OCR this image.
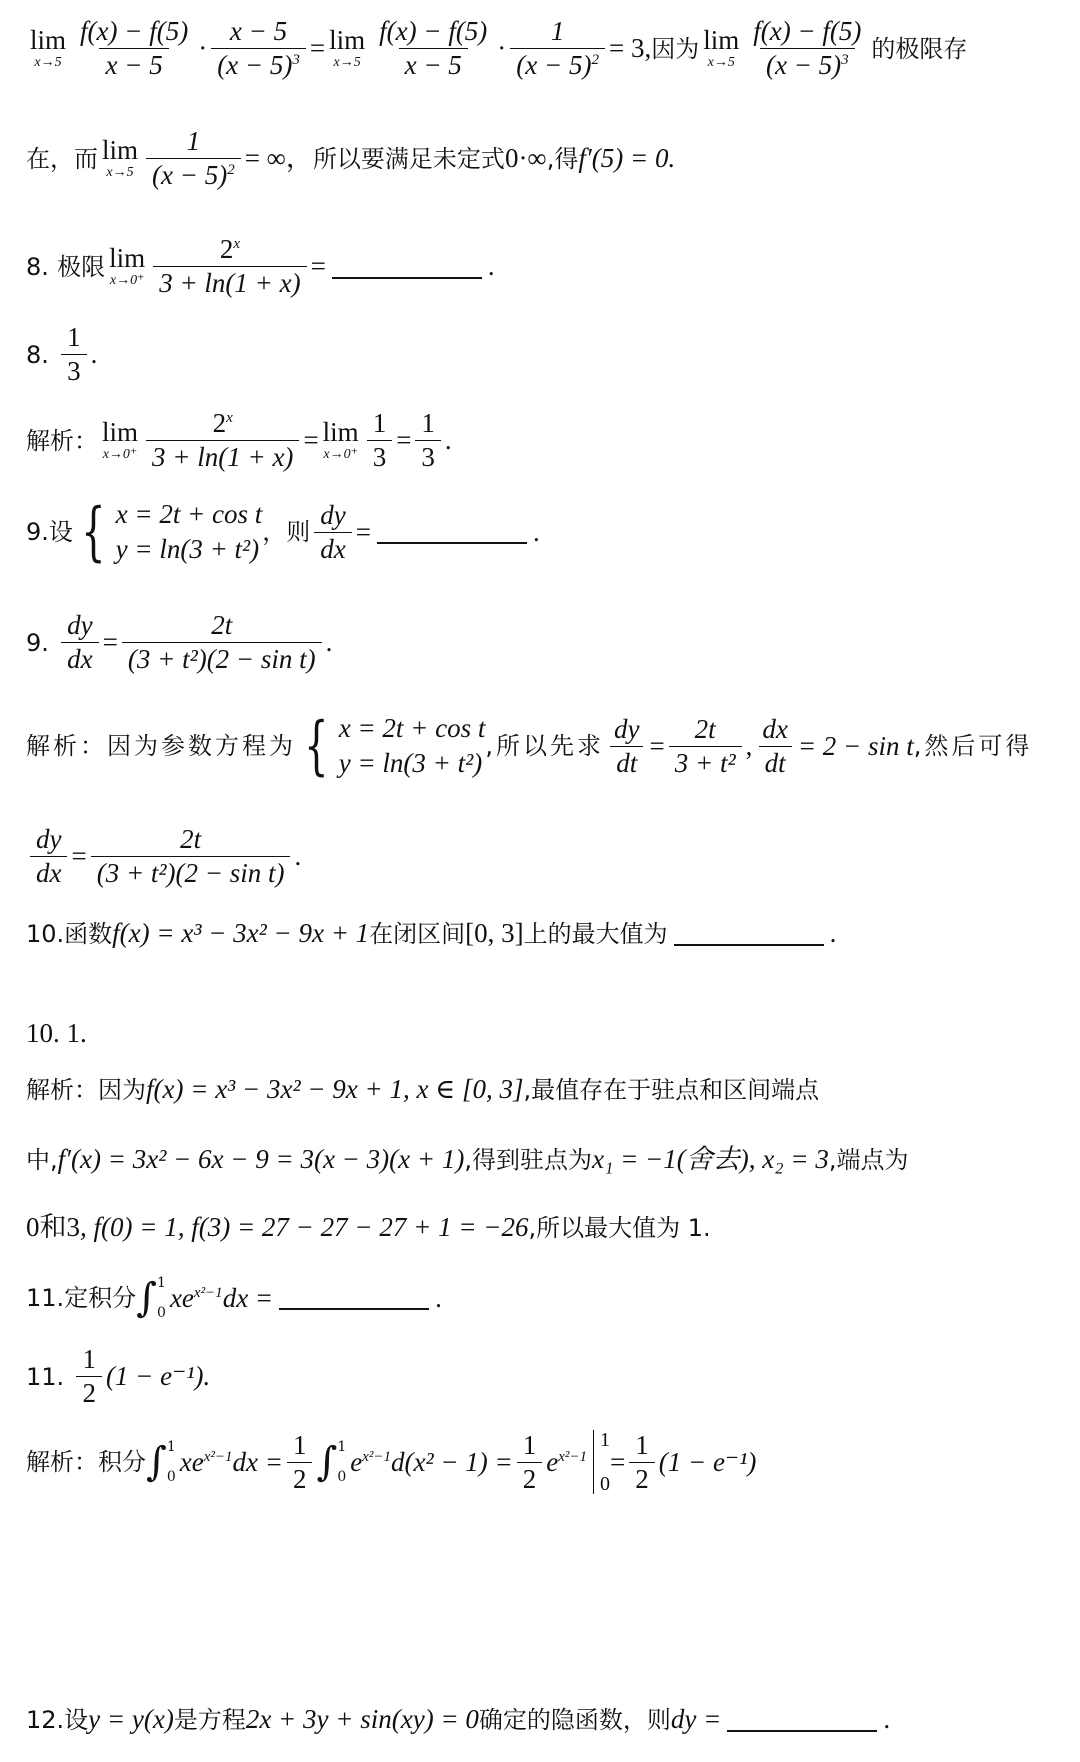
lim
$x\to 5 \frac{f(x) - f(5)}{x - 5} \cdot \frac{x - 5}{(x - 5)^3} = \lim$
$x\to 5 \frac{f(x) - f(5)}{x - 5} \cdot \frac{1}{(x - 5)^2} = 3$, 因为 lim
$x\to 5 \frac{f(x) - f(5)}{(x - 5)^3}$ 的极限存
在，而 lim
$x\to 5 \frac{1}{(x - 5)^2}$ = ∞， 所以要满足未定式 0·∞ ,得 f′(5) = 0.
8.
极限 lim
$x\to 0^+ \frac{2^x}{3 + \ln(1 + x)}$ =	.
8.
$\frac{1}{3}$ .
解析： lim
$x\to 0^+ \frac{2^x}{3 + \ln(1 + x)} = \lim$
$x\to 0^+ \frac{1}{3} = \frac{1}{3}$ .
9.设 { x = 2t + cos t
y = ln(3 + t²)
，则 $\frac{dy}{dx}$ =	.
9.
$\frac{dy}{dx} = \frac{2t}{\text{(3 + t²)(2 − sin t)}}$ .
解析：因为参数方程为 { x = 2t + cos t
y = ln(3 + t²)
,所以先求 $\frac{dy}{dt} = \frac{2t}{\text{3 + t²}}$ , $\frac{dx}{dt} = 2 - \sin t$ ,然后可得
$\frac{dy}{dx} = \frac{2t}{\text{(3 + t²)(2 − sin t)}}$ .
10.函数 f(x) = x³ − 3x² − 9x + 1 在闭区间 [0, 3] 上的最大值为	.
10. 1.
解析：因为 f(x) = x³ − 3x² − 9x + 1, x ∈ [0, 3] ,最值存在于驻点和区间端点
中, f′(x) = 3x² − 6x − 9 = 3(x − 3)(x + 1) ,得到驻点为 x₁ = −1(舍去), x₂ = 3 ,端点为
0和3 , f(0) = 1, f(3) = 27 − 27 − 27 + 1 = −26 ,所以最大值为 1.
11.定积分 ∫ 1
0
$xe^{x^2-1}$ dx =	.
11.
$\frac{1}{2} (1 - e^{-1})$.
解析：积分 ∫ 1
0
$xe^{x^2-1}$ dx = $\frac{1}{2}$ ∫ 1
0
$e^{x^2-1}$ $d(x^2 - 1) = \frac{1}{2} e^{x^2-1}$
1
0
= $\frac{1}{2} (1 - e^{-1})$
12.设 y = y(x) 是方程 2x + 3y + sin(xy) = 0 确定的隐函数，则 dy =	.
